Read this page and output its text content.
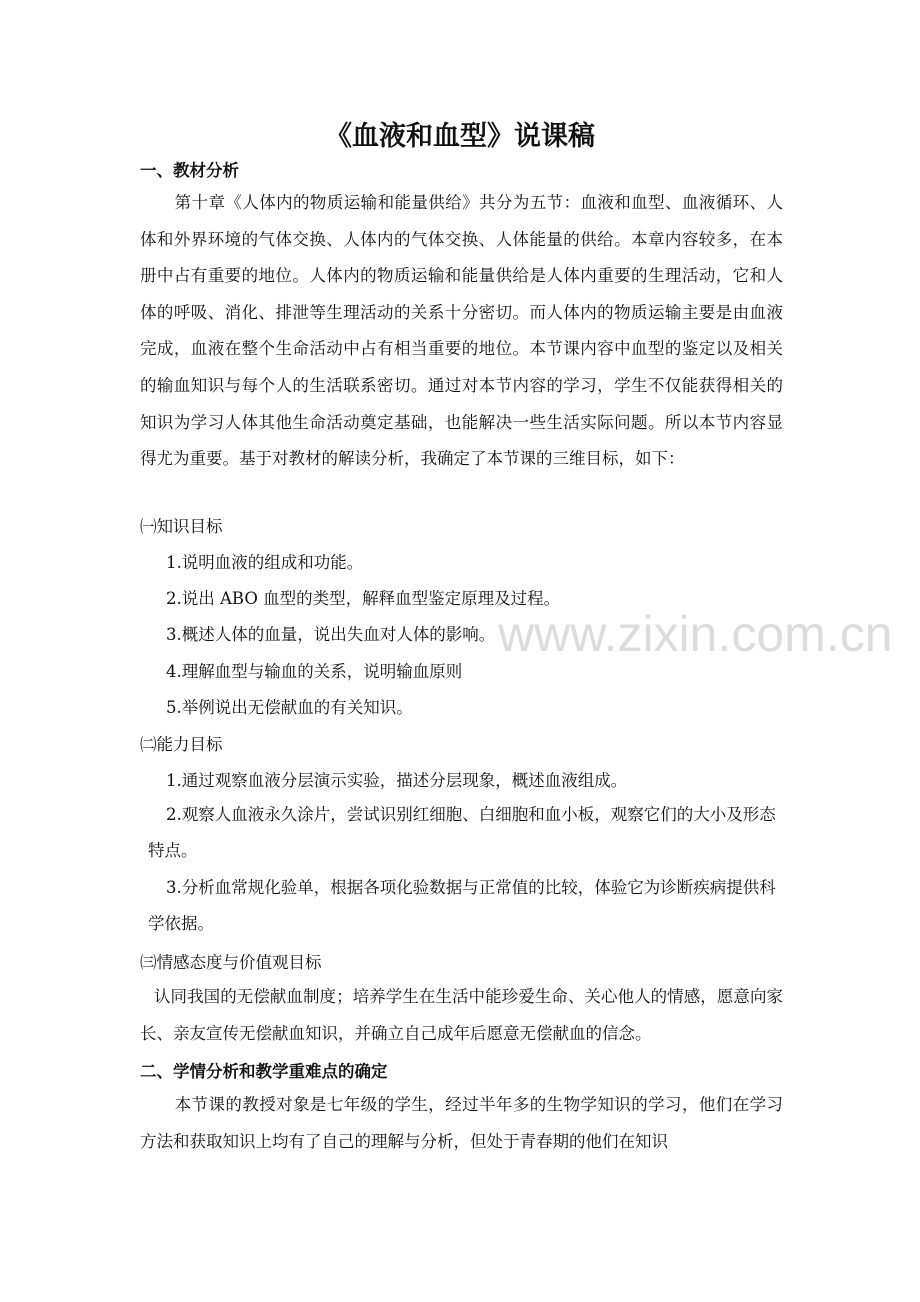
www.zixin.com.cn
《血液和血型》说课稿
一、教材分析

第十章《人体内的物质运输和能量供给》共分为五节：血液和血型、血液循环、人体和外界环境的气体交换、人体内的气体交换、人体能量的供给。本章内容较多，在本册中占有重要的地位。人体内的物质运输和能量供给是人体内重要的生理活动，它和人体的呼吸、消化、排泄等生理活动的关系十分密切。而人体内的物质运输主要是由血液完成，血液在整个生命活动中占有相当重要的地位。本节课内容中血型的鉴定以及相关的输血知识与每个人的生活联系密切。通过对本节内容的学习，学生不仅能获得相关的知识为学习人体其他生命活动奠定基础，也能解决一些生活实际问题。所以本节内容显得尤为重要。基于对教材的解读分析，我确定了本节课的三维目标，如下：

㈠知识目标
1.说明血液的组成和功能。
2.说出 ABO 血型的类型，解释血型鉴定原理及过程。
3.概述人体的血量，说出失血对人体的影响。
4.理解血型与输血的关系，说明输血原则
5.举例说出无偿献血的有关知识。
㈡能力目标
1.通过观察血液分层演示实验，描述分层现象，概述血液组成。

2.观察人血液永久涂片，尝试识别红细胞、白细胞和血小板，观察它们的大小及形态特点。

3.分析血常规化验单，根据各项化验数据与正常值的比较，体验它为诊断疾病提供科学依据。

㈢情感态度与价值观目标

认同我国的无偿献血制度；培养学生在生活中能珍爱生命、关心他人的情感，愿意向家长、亲友宣传无偿献血知识，并确立自己成年后愿意无偿献血的信念。

二、学情分析和教学重难点的确定

本节课的教授对象是七年级的学生，经过半年多的生物学知识的学习，他们在学习方法和获取知识上均有了自己的理解与分析，但处于青春期的他们在知识
